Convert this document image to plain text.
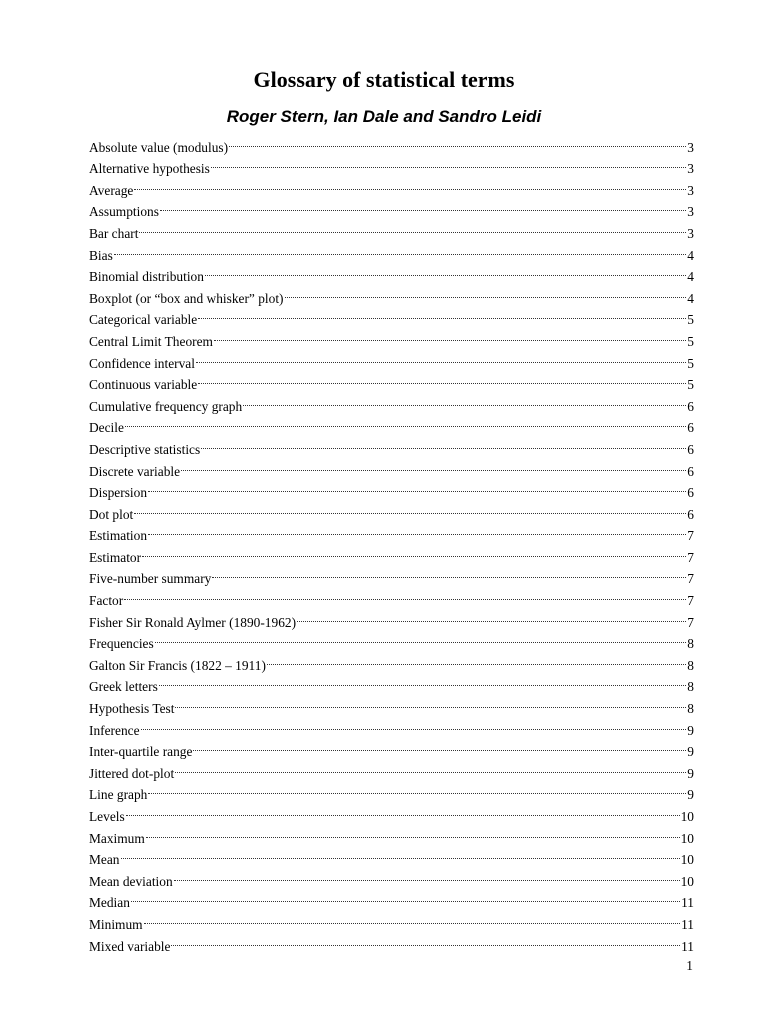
Glossary of statistical terms
Roger Stern, Ian Dale and Sandro Leidi
Absolute value (modulus)	3
Alternative hypothesis	3
Average	3
Assumptions	3
Bar chart	3
Bias	4
Binomial distribution	4
Boxplot (or “box and whisker” plot)	4
Categorical variable	5
Central Limit Theorem	5
Confidence interval	5
Continuous variable	5
Cumulative frequency graph	6
Decile	6
Descriptive statistics	6
Discrete variable	6
Dispersion	6
Dot plot	6
Estimation	7
Estimator	7
Five-number summary	7
Factor	7
Fisher Sir Ronald Aylmer (1890-1962)	7
Frequencies	8
Galton Sir Francis (1822 – 1911)	8
Greek letters	8
Hypothesis Test	8
Inference	9
Inter-quartile range	9
Jittered dot-plot	9
Line graph	9
Levels	10
Maximum	10
Mean	10
Mean deviation	10
Median	11
Minimum	11
Mixed variable	11
1
